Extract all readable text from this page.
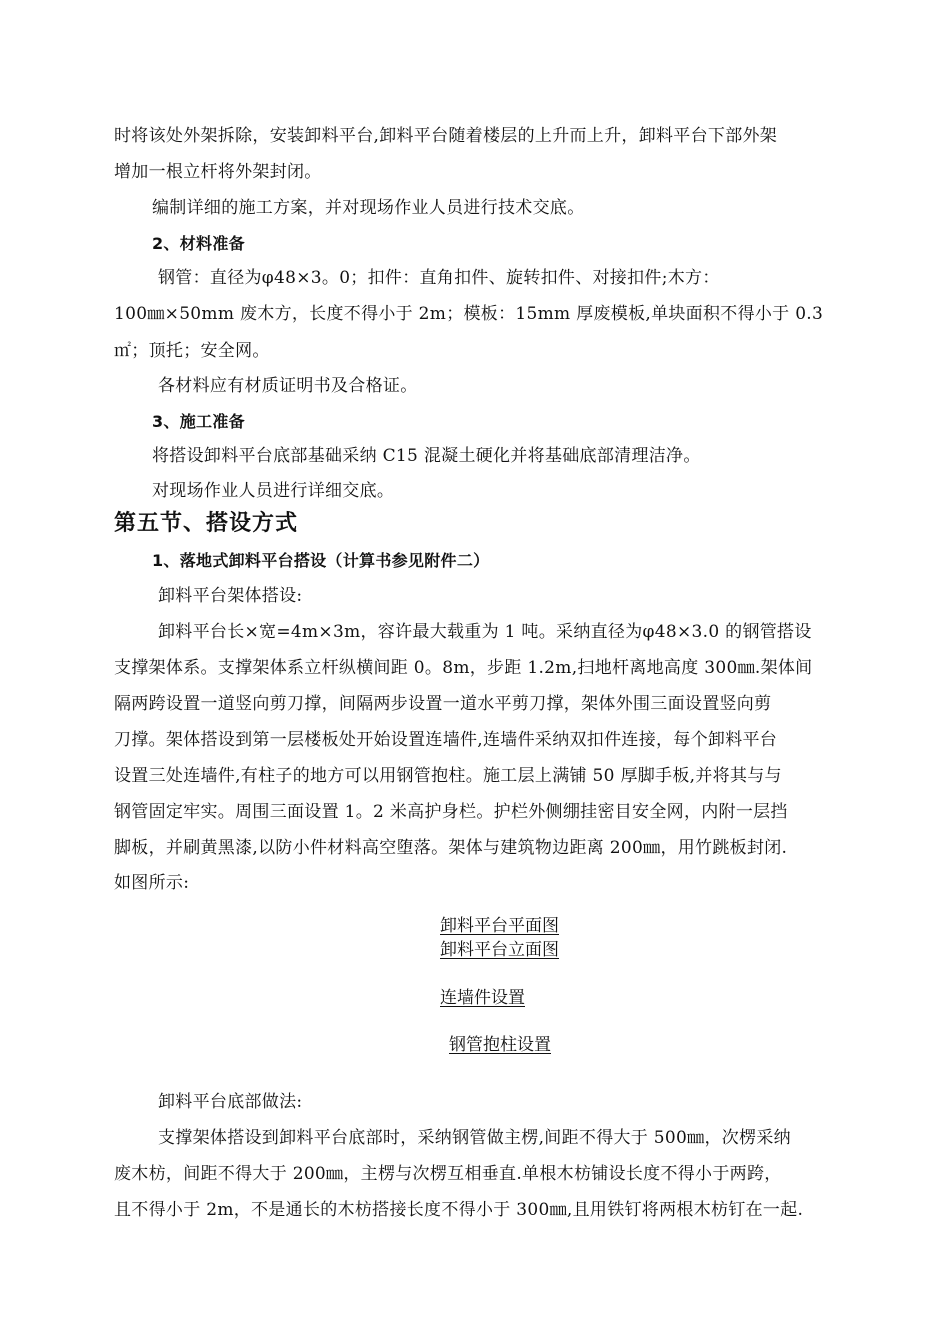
时将该处外架拆除，安装卸料平台,卸料平台随着楼层的上升而上升，卸料平台下部外架
增加一根立杆将外架封闭。
编制详细的施工方案，并对现场作业人员进行技术交底。
2、材料准备
钢管：直径为φ48×3。0；扣件：直角扣件、旋转扣件、对接扣件;木方：
100㎜×50mm 废木方，长度不得小于 2m；模板：15mm 厚废模板,单块面积不得小于 0.3
㎡；顶托；安全网。
各材料应有材质证明书及合格证。
3、施工准备
将搭设卸料平台底部基础采纳 C15 混凝土硬化并将基础底部清理洁净。
对现场作业人员进行详细交底。
第五节、搭设方式
1、落地式卸料平台搭设（计算书参见附件二）
卸料平台架体搭设:
卸料平台长×宽=4m×3m，容许最大载重为 1 吨。采纳直径为φ48×3.0 的钢管搭设
支撑架体系。支撑架体系立杆纵横间距 0。8m，步距 1.2m,扫地杆离地高度 300㎜.架体间
隔两跨设置一道竖向剪刀撑，间隔两步设置一道水平剪刀撑，架体外围三面设置竖向剪
刀撑。架体搭设到第一层楼板处开始设置连墙件,连墙件采纳双扣件连接，每个卸料平台
设置三处连墙件,有柱子的地方可以用钢管抱柱。施工层上满铺 50 厚脚手板,并将其与与
钢管固定牢实。周围三面设置 1。2 米高护身栏。护栏外侧绷挂密目安全网，内附一层挡
脚板，并刷黄黑漆,以防小件材料高空堕落。架体与建筑物边距离 200㎜，用竹跳板封闭.
如图所示:
卸料平台平面图
卸料平台立面图
连墙件设置
钢管抱柱设置
卸料平台底部做法:
支撑架体搭设到卸料平台底部时，采纳钢管做主楞,间距不得大于 500㎜，次楞采纳
废木枋，间距不得大于 200㎜，主楞与次楞互相垂直.单根木枋铺设长度不得小于两跨，
且不得小于 2m，不是通长的木枋搭接长度不得小于 300㎜,且用铁钉将两根木枋钉在一起.
